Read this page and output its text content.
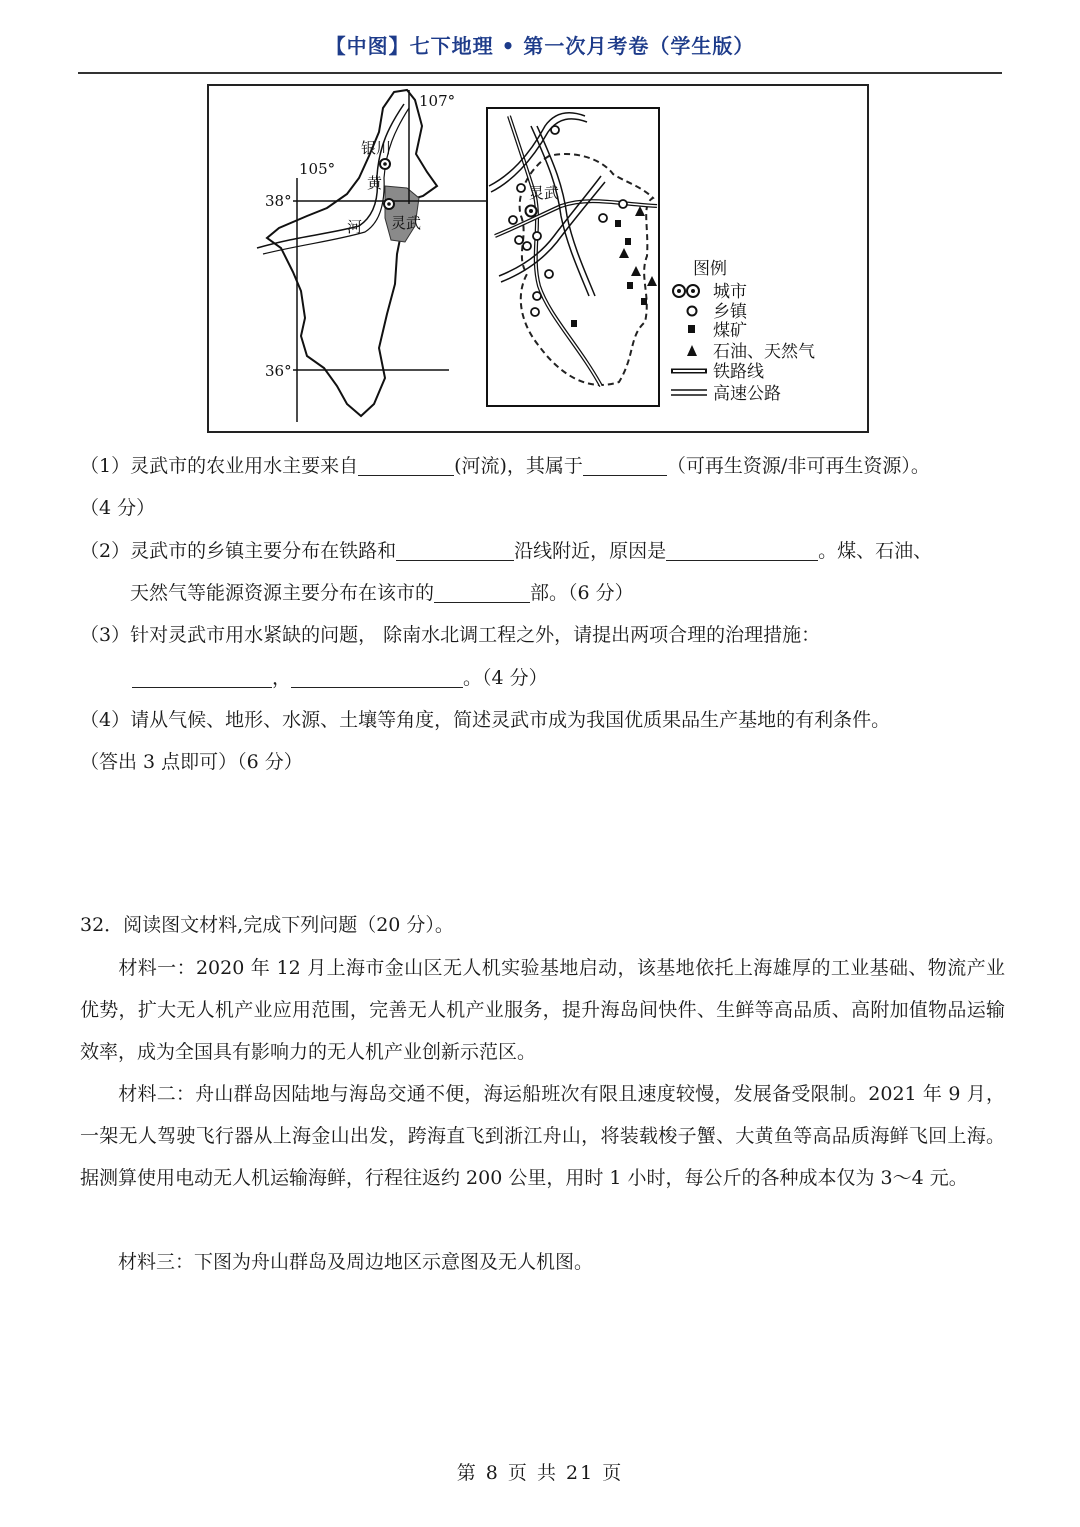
【中图】七下地理 • 第一次月考卷（学生版）
107°
105°
38°
36°
银川
黄
河 灵武
灵武
图例
城市
乡镇
煤矿
石油、天然气
铁路线
高速公路
（1）灵武市的农业用水主要来自	(河流)，其属于	（可再生资源/非可再生资源）。
（4 分）
（2）灵武市的乡镇主要分布在铁路和	沿线附近，原因是	。煤、石油、
天然气等能源资源主要分布在该市的	部。（6 分）
（3）针对灵武市用水紧缺的问题， 除南水北调工程之外，请提出两项合理的治理措施：
，	。（4 分）
（4）请从气候、地形、水源、土壤等角度，简述灵武市成为我国优质果品生产基地的有利条件。
（答出 3 点即可）（6 分）
32．阅读图文材料,完成下列问题（20 分）。
材料一：2020 年 12 月上海市金山区无人机实验基地启动，该基地依托上海雄厚的工业基础、物流产业优势，扩大无人机产业应用范围，完善无人机产业服务，提升海岛间快件、生鲜等高品质、高附加值物品运输效率，成为全国具有影响力的无人机产业创新示范区。
材料二：舟山群岛因陆地与海岛交通不便，海运船班次有限且速度较慢，发展备受限制。2021 年 9 月，一架无人驾驶飞行器从上海金山出发，跨海直飞到浙江舟山，将装载梭子蟹、大黄鱼等高品质海鲜飞回上海。据测算使用电动无人机运输海鲜，行程往返约 200 公里，用时 1 小时，每公斤的各种成本仅为 3～4 元。
材料三：下图为舟山群岛及周边地区示意图及无人机图。
第 8 页 共 21 页
